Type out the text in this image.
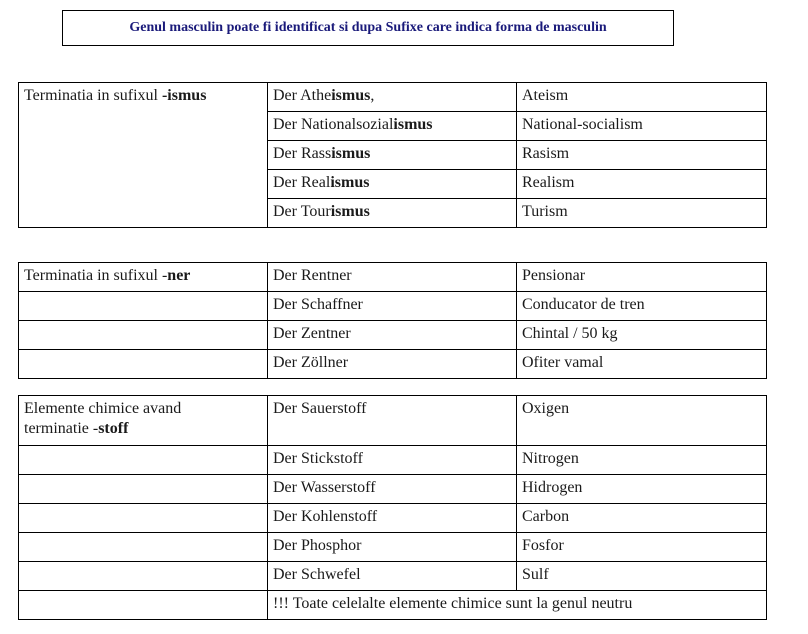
Genul masculin poate fi identificat si dupa Sufixe care indica forma de masculin
Terminatia in sufixul -ismus	Der Atheismus,	Ateism
	Der Nationalsozialismus	National-socialism
	Der Rassismus	Rasism
	Der Realismus	Realism
	Der Tourismus	Turism
Terminatia in sufixul -ner	Der Rentner	Pensionar
	Der Schaffner	Conducator de tren
	Der Zentner	Chintal / 50 kg
	Der Zöllner	Ofiter vamal
Elemente chimice avand
terminatie -stoff	Der Sauerstoff	Oxigen
	Der Stickstoff	Nitrogen
	Der Wasserstoff	Hidrogen
	Der Kohlenstoff	Carbon
	Der Phosphor	Fosfor
	Der Schwefel	Sulf
	!!! Toate celelalte elemente chimice sunt la genul neutru	
